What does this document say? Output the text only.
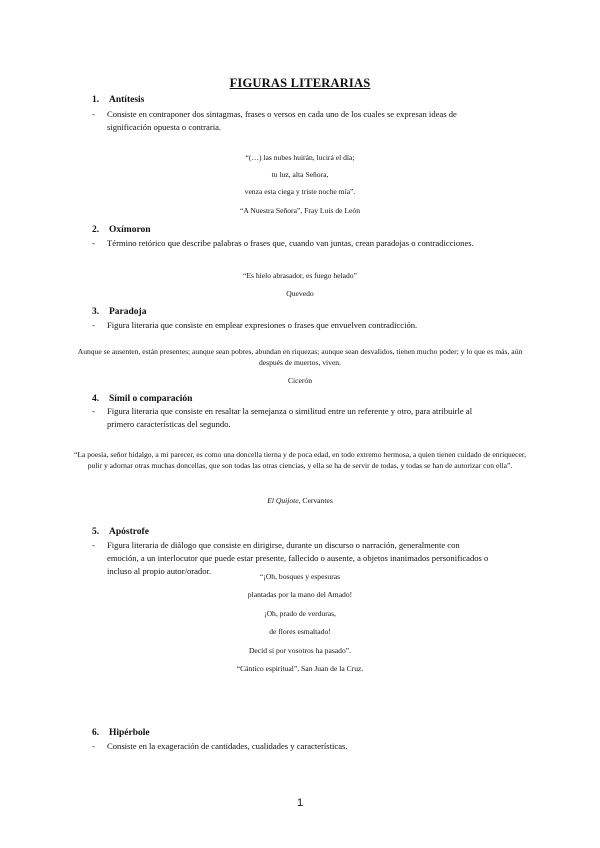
FIGURAS LITERARIAS
1. Antítesis
- Consiste en contraponer dos sintagmas, frases o versos en cada uno de los cuales se expresan ideas de significación opuesta o contraria.
“(…) las nubes huirán, lucirá el día;
tu luz, alta Señora,
venza esta ciega y triste noche mía”.
“A Nuestra Señora”, Fray Luis de León
2. Oxímoron
- Término retórico que describe palabras o frases que, cuando van juntas, crean paradojas o contradicciones.
“Es hielo abrasador, es fuego helado”
Quevedo
3. Paradoja
- Figura literaria que consiste en emplear expresiones o frases que envuelven contradicción.
Aunque se ausenten, están presentes; aunque sean pobres, abundan en riquezas; aunque sean desvalidos, tienen mucho poder; y lo que es más, aún después de muertos, viven.
Cicerón
4. Símil o comparación
- Figura literaria que consiste en resaltar la semejanza o similitud entre un referente y otro, para atribuirle al primero características del segundo.
“La poesía, señor hidalgo, a mi parecer, es como una doncella tierna y de poca edad, en todo extremo hermosa, a quien tienen cuidado de enriquecer, pulir y adornar otras muchas doncellas, que son todas las otras ciencias, y ella se ha de servir de todas, y todas se han de autorizar con ella”.
El Quijote, Cervantes
5. Apóstrofe
- Figura literaria de diálogo que consiste en dirigirse, durante un discurso o narración, generalmente con emoción, a un interlocutor que puede estar presente, fallecido o ausente, a objetos inanimados personificados o incluso al propio autor/orador.
“¡Oh, bosques y espesuras
plantadas por la mano del Amado!
¡Oh, prado de verduras,
de flores esmaltado!
Decid si por vosotros ha pasado”.
“Cántico espiritual”, San Juan de la Cruz.
6. Hipérbole
- Consiste en la exageración de cantidades, cualidades y características.
1
